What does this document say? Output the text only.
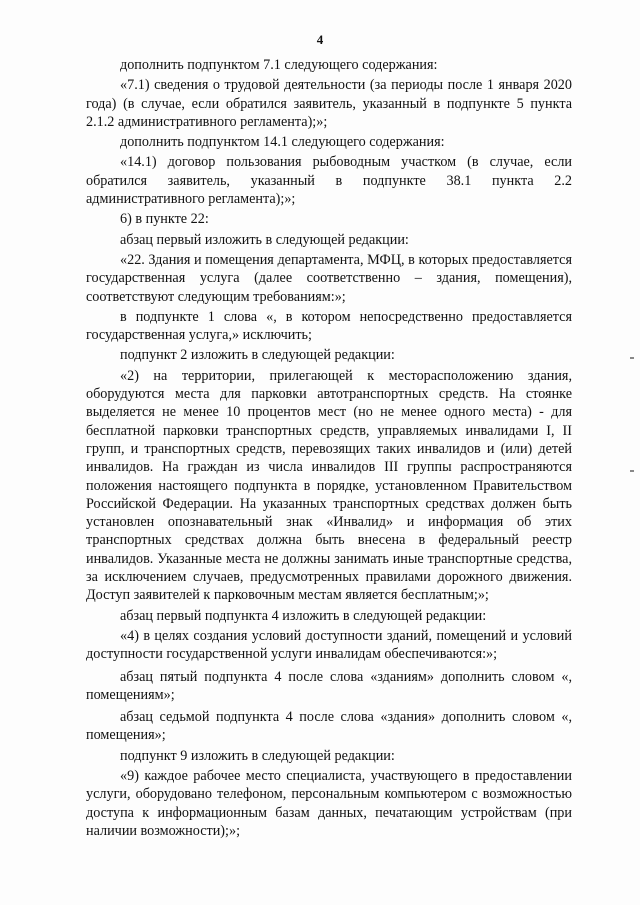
4

дополнить подпунктом 7.1 следующего содержания:

«7.1) сведения о трудовой деятельности (за периоды после 1 января 2020 года) (в случае, если обратился заявитель, указанный в подпункте 5 пункта 2.1.2 административного регламента);»;

дополнить подпунктом 14.1 следующего содержания:

«14.1) договор пользования рыбоводным участком (в случае, если обратился заявитель, указанный в подпункте 38.1 пункта 2.2 административного регламента);»;

6) в пункте 22:

абзац первый изложить в следующей редакции:

«22. Здания и помещения департамента, МФЦ, в которых предоставляется государственная услуга (далее соответственно – здания, помещения), соответствуют следующим требованиям:»;

в подпункте 1 слова «, в котором непосредственно предоставляется государственная услуга,» исключить;

подпункт 2 изложить в следующей редакции:

«2) на территории, прилегающей к месторасположению здания, оборудуются места для парковки автотранспортных средств. На стоянке выделяется не менее 10 процентов мест (но не менее одного места) - для бесплатной парковки транспортных средств, управляемых инвалидами I, II групп, и транспортных средств, перевозящих таких инвалидов и (или) детей инвалидов. На граждан из числа инвалидов III группы распространяются положения настоящего подпункта в порядке, установленном Правительством Российской Федерации. На указанных транспортных средствах должен быть установлен опознавательный знак «Инвалид» и информация об этих транспортных средствах должна быть внесена в федеральный реестр инвалидов. Указанные места не должны занимать иные транспортные средства, за исключением случаев, предусмотренных правилами дорожного движения. Доступ заявителей к парковочным местам является бесплатным;»;

абзац первый подпункта 4 изложить в следующей редакции:

«4) в целях создания условий доступности зданий, помещений и условий доступности государственной услуги инвалидам обеспечиваются:»;

абзац пятый подпункта 4 после слова «зданиям» дополнить словом «, помещениям»;

абзац седьмой подпункта 4 после слова «здания» дополнить словом «, помещения»;

подпункт 9 изложить в следующей редакции:

«9) каждое рабочее место специалиста, участвующего в предоставлении услуги, оборудовано телефоном, персональным компьютером с возможностью доступа к информационным базам данных, печатающим устройствам (при наличии возможности);»;
